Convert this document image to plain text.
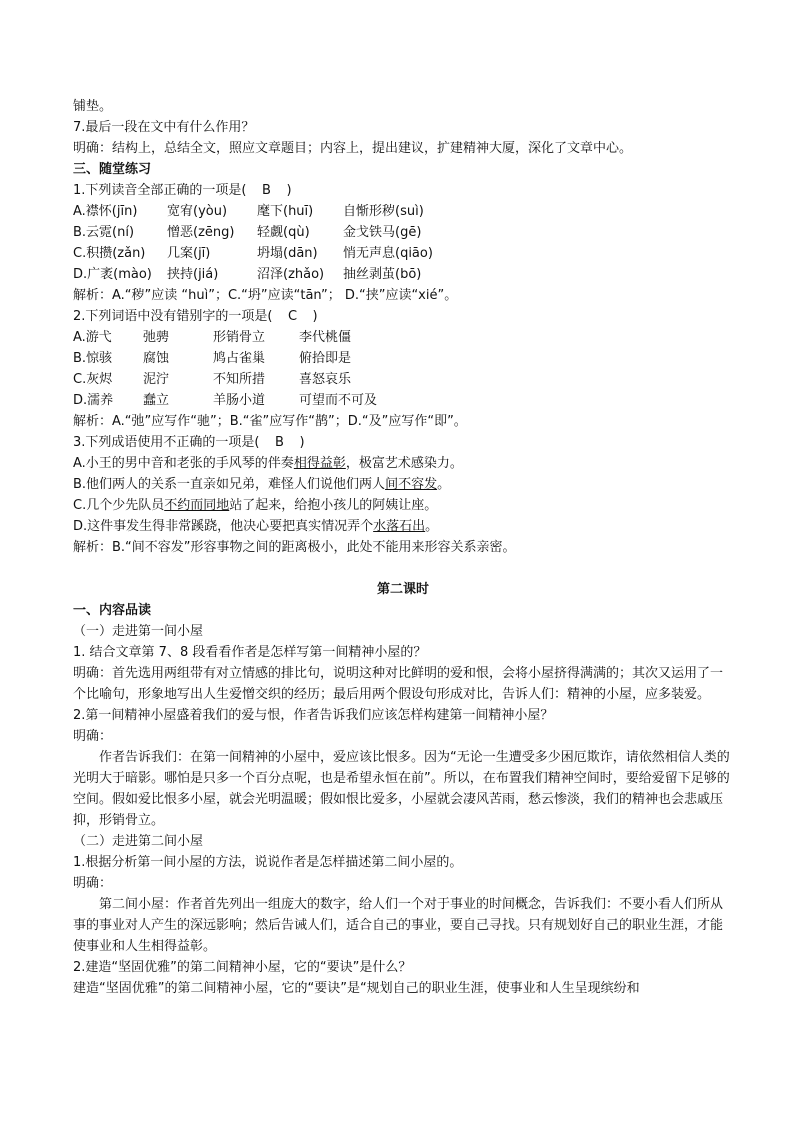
铺垫。
7.最后一段在文中有什么作用？
明确：结构上，总结全文，照应文章题目；内容上，提出建议，扩建精神大厦，深化了文章中心。
三、随堂练习
1.下列读音全部正确的一项是( B )
A.襟怀(jīn) 宽宥(yòu) 麾下(huī) 自惭形秽(suì)
B.云霓(ní)	憎恶(zēng) 轻觑(qù)	金戈铁马(gē)
C.积攒(zǎn) 几案(jī)	坍塌(dān) 悄无声息(qiāo)
D.广袤(mào) 挟持(jiá)	沼泽(zhǎo) 抽丝剥茧(bō)
解析：A.“秽”应读 “huì”；C.“坍”应读“tān”； D.“挟”应读“xié”。
2.下列词语中没有错别字的一项是( C )
A.游弋 弛骋	形销骨立	李代桃僵
B.惊骇 腐蚀	鸠占雀巢	俯拾即是
C.灰烬 泥泞	不知所措	喜怒哀乐
D.濡养 蠢立	羊肠小道	可望而不可及
解析：A.“弛”应写作“驰”；B.“雀”应写作“鹊”；D.“及”应写作“即”。
3.下列成语使用不正确的一项是( B )
A.小王的男中音和老张的手风琴的伴奏相得益彰，极富艺术感染力。
B.他们两人的关系一直亲如兄弟，难怪人们说他们两人间不容发。
C.几个少先队员不约而同地站了起来，给抱小孩儿的阿姨让座。
D.这件事发生得非常蹊跷，他决心要把真实情况弄个水落石出。
解析：B.“间不容发”形容事物之间的距离极小，此处不能用来形容关系亲密。
第二课时
一、内容品读
（一）走进第一间小屋
1. 结合文章第 7、8 段看看作者是怎样写第一间精神小屋的？
明确：首先选用两组带有对立情感的排比句，说明这种对比鲜明的爱和恨，会将小屋挤得满满的；其次又运用了一个比喻句，形象地写出人生爱憎交织的经历；最后用两个假设句形成对比，告诉人们：精神的小屋，应多装爱。
2.第一间精神小屋盛着我们的爱与恨，作者告诉我们应该怎样构建第一间精神小屋？
明确：
作者告诉我们：在第一间精神的小屋中，爱应该比恨多。因为“无论一生遭受多少困厄欺诈，请依然相信人类的光明大于暗影。哪怕是只多一个百分点呢，也是希望永恒在前”。所以，在布置我们精神空间时，要给爱留下足够的空间。假如爱比恨多小屋，就会光明温暖；假如恨比爱多，小屋就会凄风苦雨，愁云惨淡，我们的精神也会悲戚压抑，形销骨立。
（二）走进第二间小屋
1.根据分析第一间小屋的方法，说说作者是怎样描述第二间小屋的。
明确：
第二间小屋：作者首先列出一组庞大的数字，给人们一个对于事业的时间概念，告诉我们：不要小看人们所从事的事业对人产生的深远影响；然后告诫人们，适合自己的事业，要自己寻找。只有规划好自己的职业生涯，才能使事业和人生相得益彰。
2.建造“坚固优雅”的第二间精神小屋，它的“要诀”是什么？
建造“坚固优雅”的第二间精神小屋，它的“要诀”是“规划自己的职业生涯，使事业和人生呈现缤纷和
